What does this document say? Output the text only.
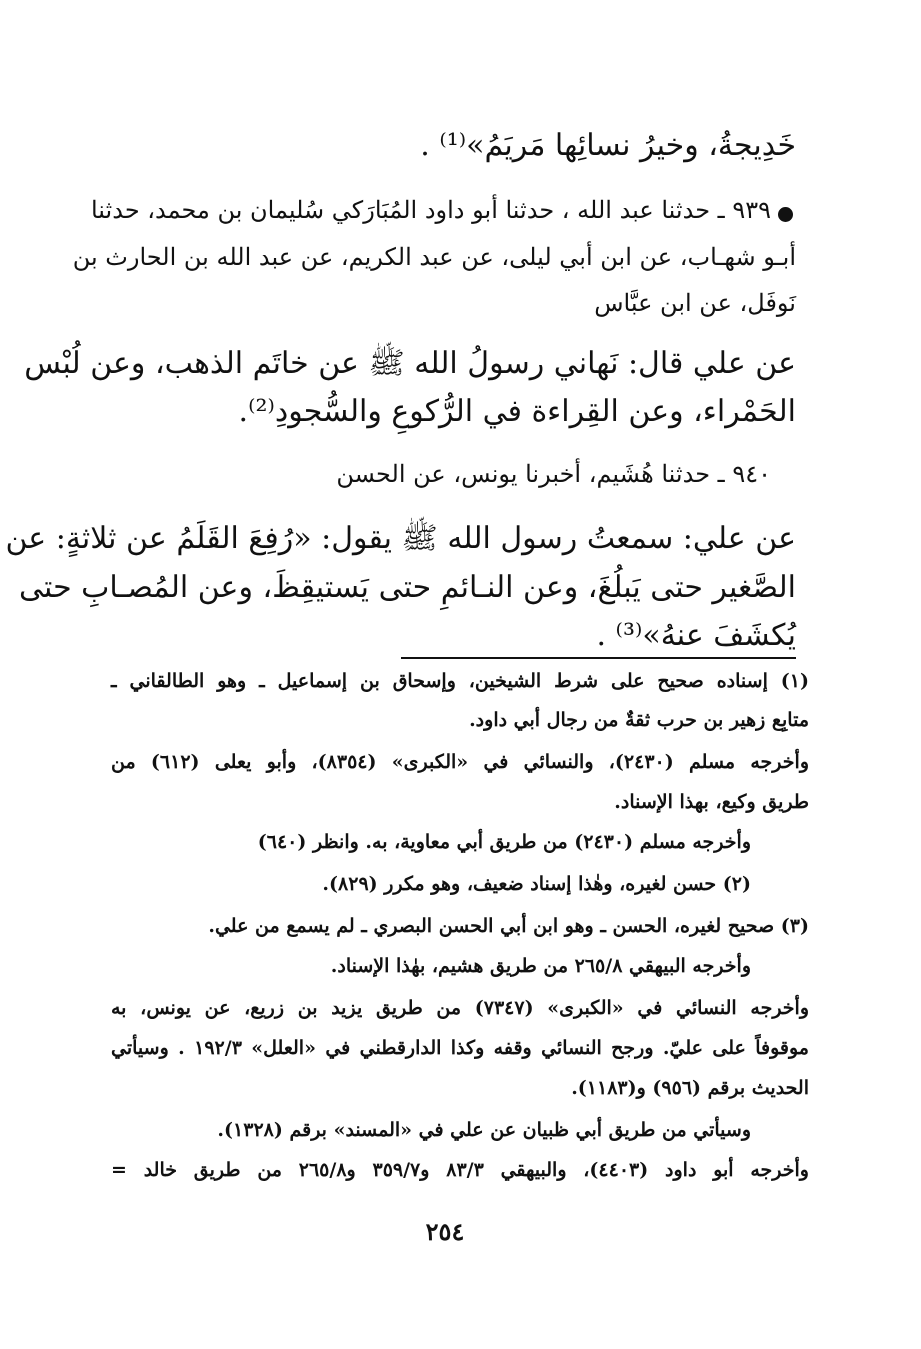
خَدِيجةُ، وخيرُ نسائِها مَريَمُ»⁽¹⁾ .
٩٣٩ ـ حدثنا عبد الله ، حدثنا أبو داود المُبَارَكي سُليمان بن محمد، حدثنا
أبـو شهـاب، عن ابن أبي ليلى، عن عبد الكريم، عن عبد الله بن الحارث بن
نَوفَل، عن ابن عبَّاس
عن علي قال: نَهاني رسولُ الله ﷺ عن خاتَم الذهب، وعن لُبْس
الحَمْراء، وعن القِراءة في الرُّكوعِ والسُّجودِ⁽²⁾.
٩٤٠ ـ حدثنا هُشَيم، أخبرنا يونس، عن الحسن
عن علي: سمعتُ رسول الله ﷺ يقول: «رُفِعَ القَلَمُ عن ثلاثةٍ: عن
الصَّغير حتى يَبلُغَ، وعن النـائمِ حتى يَستيقِظَ، وعن المُصـابِ حتى
يُكشَفَ عنهُ»⁽³⁾ .
(١) إسناده صحيح على شرط الشيخين، وإسحاق بن إسماعيل ـ وهو الطالقاني ـ
متابِع زهير بن حرب ثقةٌ من رجال أبي داود.
وأخرجه مسلم (٢٤٣٠)، والنسائي في «الكبرى» (٨٣٥٤)، وأبو يعلى (٦١٢) من
طريق وكيع، بهذا الإسناد.
وأخرجه مسلم (٢٤٣٠) من طريق أبي معاوية، به. وانظر (٦٤٠)
(٢) حسن لغيره، وهٰذا إسناد ضعيف، وهو مكرر (٨٢٩).
(٣) صحيح لغيره، الحسن ـ وهو ابن أبي الحسن البصري ـ لم يسمع من علي.
وأخرجه البيهقي ٢٦٥/٨ من طريق هشيم، بهٰذا الإسناد.
وأخرجه النسائي في «الكبرى» (٧٣٤٧) من طريق يزيد بن زريع، عن يونس، به
موقوفاً على عليّ. ورجح النسائي وقفه وكذا الدارقطني في «العلل» ١٩٢/٣ . وسيأتي
الحديث برقم (٩٥٦) و(١١٨٣).
وسيأتي من طريق أبي ظبيان عن علي في «المسند» برقم (١٣٢٨).
وأخرجه أبو داود (٤٤٠٣)، والبيهقي ٨٣/٣ و٣٥٩/٧ و٢٦٥/٨ من طريق خالد =
٢٥٤
